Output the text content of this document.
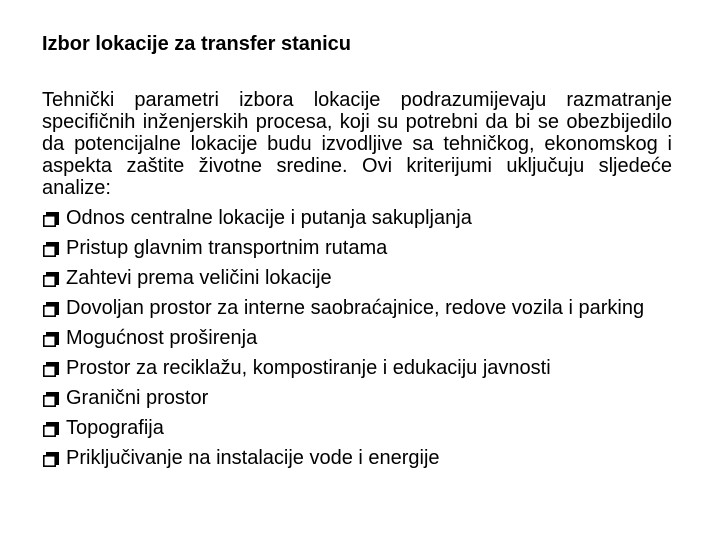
Izbor lokacije za transfer stanicu

Tehnički parametri izbora lokacije podrazumijevaju razmatranje specifičnih inženjerskih procesa, koji su potrebni da bi se obezbijedilo da potencijalne lokacije budu izvodljive sa tehničkog, ekonomskog i aspekta zaštite životne sredine. Ovi kriterijumi uključuju sljedeće analize:

Odnos centralne lokacije i putanja sakupljanja
Pristup glavnim transportnim rutama
Zahtevi prema veličini lokacije
Dovoljan prostor za interne saobraćajnice, redove vozila i parking
Mogućnost proširenja
Prostor za reciklažu, kompostiranje i edukaciju javnosti
Granični prostor
Topografija
Priključivanje na instalacije vode i energije
